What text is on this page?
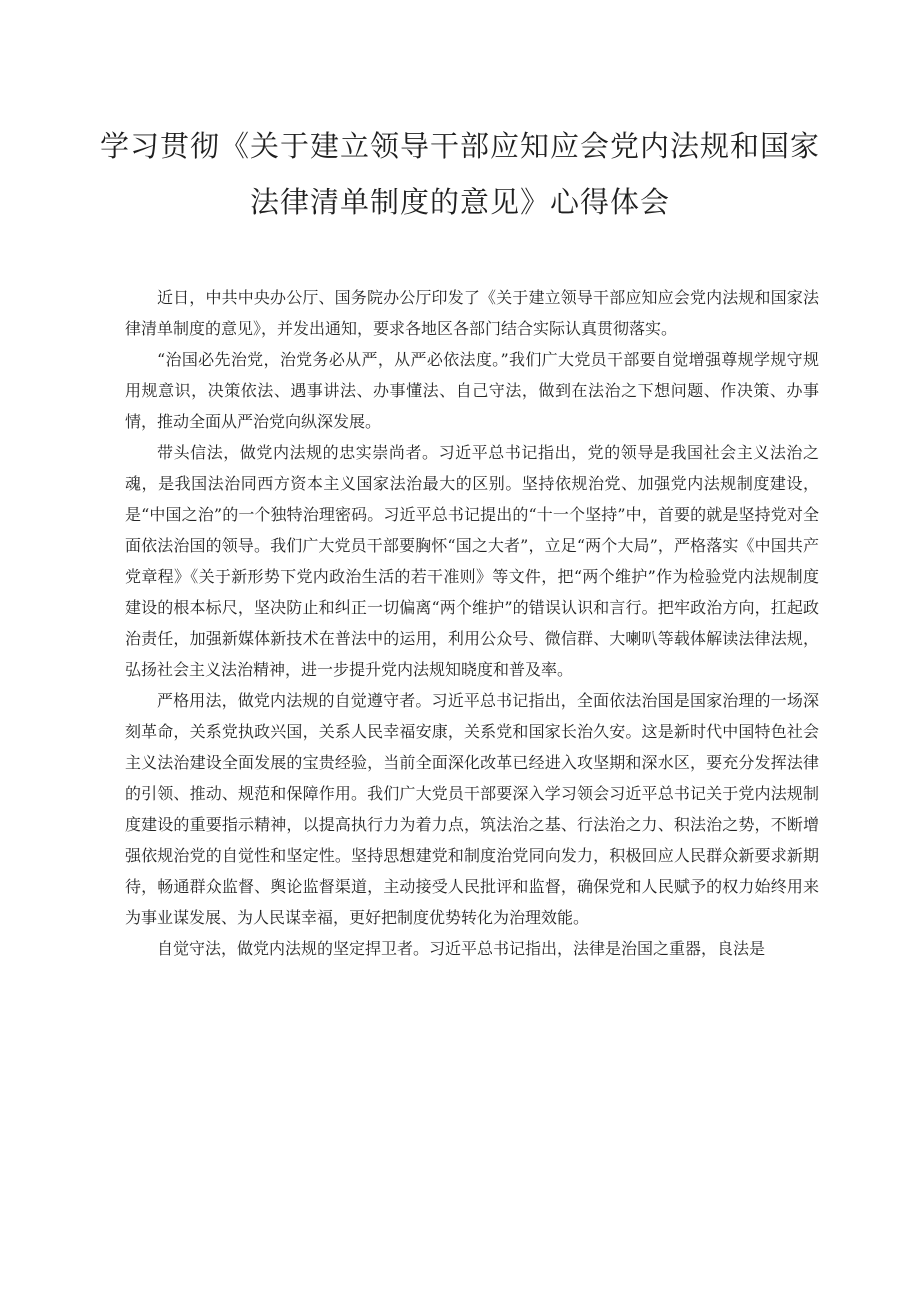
学习贯彻《关于建立领导干部应知应会党内法规和国家
法律清单制度的意见》心得体会

近日，中共中央办公厅、国务院办公厅印发了《关于建立领导干部应知应会党内法规和国家法律清单制度的意见》，并发出通知，要求各地区各部门结合实际认真贯彻落实。

“治国必先治党，治党务必从严，从严必依法度。”我们广大党员干部要自觉增强尊规学规守规用规意识，决策依法、遇事讲法、办事懂法、自己守法，做到在法治之下想问题、作决策、办事情，推动全面从严治党向纵深发展。

带头信法，做党内法规的忠实崇尚者。习近平总书记指出，党的领导是我国社会主义法治之魂，是我国法治同西方资本主义国家法治最大的区别。坚持依规治党、加强党内法规制度建设，是“中国之治”的一个独特治理密码。习近平总书记提出的“十一个坚持”中，首要的就是坚持党对全面依法治国的领导。我们广大党员干部要胸怀“国之大者”，立足“两个大局”，严格落实《中国共产党章程》《关于新形势下党内政治生活的若干准则》等文件，把“两个维护”作为检验党内法规制度建设的根本标尺，坚决防止和纠正一切偏离“两个维护”的错误认识和言行。把牢政治方向，扛起政治责任，加强新媒体新技术在普法中的运用，利用公众号、微信群、大喇叭等载体解读法律法规，弘扬社会主义法治精神，进一步提升党内法规知晓度和普及率。

严格用法，做党内法规的自觉遵守者。习近平总书记指出，全面依法治国是国家治理的一场深刻革命，关系党执政兴国，关系人民幸福安康，关系党和国家长治久安。这是新时代中国特色社会主义法治建设全面发展的宝贵经验，当前全面深化改革已经进入攻坚期和深水区，要充分发挥法律的引领、推动、规范和保障作用。我们广大党员干部要深入学习领会习近平总书记关于党内法规制度建设的重要指示精神，以提高执行力为着力点，筑法治之基、行法治之力、积法治之势，不断增强依规治党的自觉性和坚定性。坚持思想建党和制度治党同向发力，积极回应人民群众新要求新期待，畅通群众监督、舆论监督渠道，主动接受人民批评和监督，确保党和人民赋予的权力始终用来为事业谋发展、为人民谋幸福，更好把制度优势转化为治理效能。

自觉守法，做党内法规的坚定捍卫者。习近平总书记指出，法律是治国之重器，良法是
